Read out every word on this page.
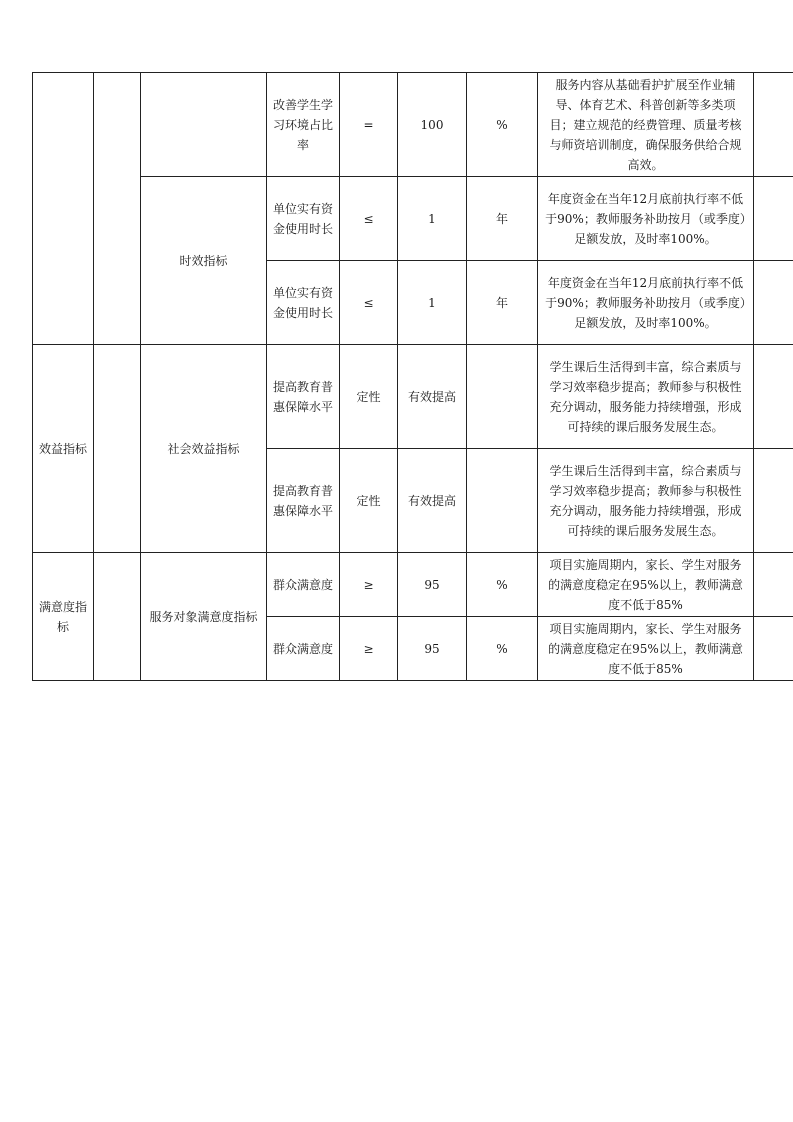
			改善学生学习环境占比率	=	100	%	服务内容从基础看护扩展至作业辅导、体育艺术、科普创新等多类项目；建立规范的经费管理、质量考核与师资培训制度，确保服务供给合规高效。	
		时效指标	单位实有资金使用时长	≤	1	年	年度资金在当年12月底前执行率不低于90%；教师服务补助按月（或季度）足额发放，及时率100%。	
			单位实有资金使用时长	≤	1	年	年度资金在当年12月底前执行率不低于90%；教师服务补助按月（或季度）足额发放，及时率100%。	
效益指标		社会效益指标	提高教育普惠保障水平	定性	有效提高		学生课后生活得到丰富，综合素质与学习效率稳步提高；教师参与积极性充分调动，服务能力持续增强，形成可持续的课后服务发展生态。	
			提高教育普惠保障水平	定性	有效提高		学生课后生活得到丰富，综合素质与学习效率稳步提高；教师参与积极性充分调动，服务能力持续增强，形成可持续的课后服务发展生态。	
满意度指标		服务对象满意度指标	群众满意度	≥	95	%	项目实施周期内，家长、学生对服务的满意度稳定在95%以上，教师满意度不低于85%	
			群众满意度	≥	95	%	项目实施周期内，家长、学生对服务的满意度稳定在95%以上，教师满意度不低于85%	
